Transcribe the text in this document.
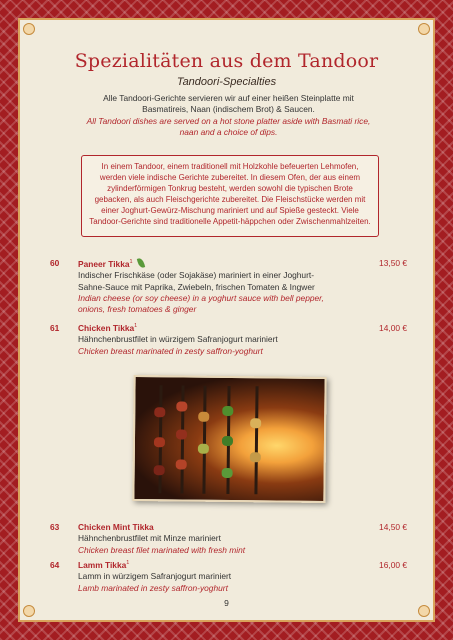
Spezialitäten aus dem Tandoor
Tandoori-Specialties
Alle Tandoori-Gerichte servieren wir auf einer heißen Steinplatte mit Basmatireis, Naan (indischem Brot) & Saucen.
All Tandoori dishes are served on a hot stone platter aside with Basmati rice, naan and a choice of dips.
In einem Tandoor, einem traditionell mit Holzkohle befeuerten Lehmofen, werden viele indische Gerichte zubereitet. In diesem Ofen, der aus einem zylinderförmigen Tonkrug besteht, werden sowohl die typischen Brote gebacken, als auch Fleischgerichte zubereitet. Die Fleischstücke werden mit einer Joghurt-Gewürz-Mischung mariniert und auf Spieße gesteckt. Viele Tandoor-Gerichte sind traditionelle Appetit-häppchen oder Zwischenmahlzeiten.
60 Paneer Tikka$^1$
Indischer Frischkäse (oder Sojakäse) mariniert in einer Joghurt-Sahne-Sauce mit Paprika, Zwiebeln, frischen Tomaten & Ingwer
Indian cheese (or soy cheese) in a yoghurt sauce with bell pepper, onions, fresh tomatoes & ginger
13,50 €
61 Chicken Tikka$^1$
Hähnchenbrustfilet in würzigem Safranjogurt mariniert
Chicken breast marinated in zesty saffron-yoghurt
14,00 €
63 Chicken Mint Tikka
Hähnchenbrustfilet mit Minze mariniert
Chicken breast filet marinated with fresh mint
14,50 €
64 Lamm Tikka$^1$
Lamm in würzigem Safranjogurt mariniert
Lamb marinated in zesty saffron-yoghurt
16,00 €
9
